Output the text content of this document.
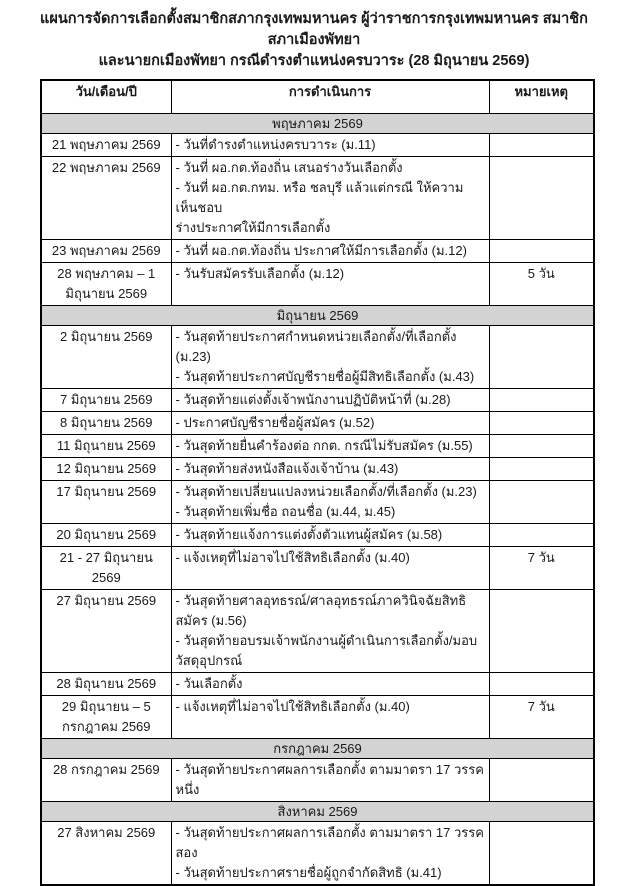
แผนการจัดการเลือกตั้งสมาชิกสภากรุงเทพมหานคร ผู้ว่าราชการกรุงเทพมหานคร สมาชิกสภาเมืองพัทยา
และนายกเมืองพัทยา กรณีดำรงตำแหน่งครบวาระ (28 มิถุนายน 2569)
วัน/เดือน/ปี	การดำเนินการ	หมายเหตุ
พฤษภาคม 2569		

21 พฤษภาคม 2569	- วันที่ดำรงตำแหน่งครบวาระ (ม.11)	

22 พฤษภาคม 2569	- วันที่ ผอ.กต.ท้องถิ่น เสนอร่างวันเลือกตั้ง
- วันที่ ผอ.กต.กทม. หรือ ชลบุรี แล้วแต่กรณี ให้ความเห็นชอบ
ร่างประกาศให้มีการเลือกตั้ง	

23 พฤษภาคม 2569	- วันที่ ผอ.กต.ท้องถิ่น ประกาศให้มีการเลือกตั้ง (ม.12)	

28 พฤษภาคม – 1
มิถุนายน 2569	- วันรับสมัครรับเลือกตั้ง (ม.12)	5 วัน
มิถุนายน 2569		

2 มิถุนายน 2569	- วันสุดท้ายประกาศกำหนดหน่วยเลือกตั้ง/ที่เลือกตั้ง (ม.23)
- วันสุดท้ายประกาศบัญชีรายชื่อผู้มีสิทธิเลือกตั้ง (ม.43)	

7 มิถุนายน 2569	- วันสุดท้ายแต่งตั้งเจ้าพนักงานปฏิบัติหน้าที่ (ม.28)	

8 มิถุนายน 2569	- ประกาศบัญชีรายชื่อผู้สมัคร (ม.52)	

11 มิถุนายน 2569	- วันสุดท้ายยื่นคำร้องต่อ กกต. กรณีไม่รับสมัคร (ม.55)	

12 มิถุนายน 2569	- วันสุดท้ายส่งหนังสือแจ้งเจ้าบ้าน (ม.43)	

17 มิถุนายน 2569	- วันสุดท้ายเปลี่ยนแปลงหน่วยเลือกตั้ง/ที่เลือกตั้ง (ม.23)
- วันสุดท้ายเพิ่มชื่อ ถอนชื่อ (ม.44, ม.45)	

20 มิถุนายน 2569	- วันสุดท้ายแจ้งการแต่งตั้งตัวแทนผู้สมัคร (ม.58)	

21 - 27 มิถุนายน 2569	- แจ้งเหตุที่ไม่อาจไปใช้สิทธิเลือกตั้ง (ม.40)	7 วัน

27 มิถุนายน 2569	- วันสุดท้ายศาลอุทธรณ์/ศาลอุทธรณ์ภาควินิจฉัยสิทธิสมัคร (ม.56)
- วันสุดท้ายอบรมเจ้าพนักงานผู้ดำเนินการเลือกตั้ง/มอบวัสดุอุปกรณ์	

28 มิถุนายน 2569	- วันเลือกตั้ง	

29 มิถุนายน – 5
กรกฎาคม 2569	- แจ้งเหตุที่ไม่อาจไปใช้สิทธิเลือกตั้ง (ม.40)	7 วัน
กรกฎาคม 2569		

28 กรกฎาคม 2569	- วันสุดท้ายประกาศผลการเลือกตั้ง ตามมาตรา 17 วรรคหนึ่ง	

สิงหาคม 2569		

27 สิงหาคม 2569	- วันสุดท้ายประกาศผลการเลือกตั้ง ตามมาตรา 17 วรรคสอง
- วันสุดท้ายประกาศรายชื่อผู้ถูกจำกัดสิทธิ (ม.41)	
